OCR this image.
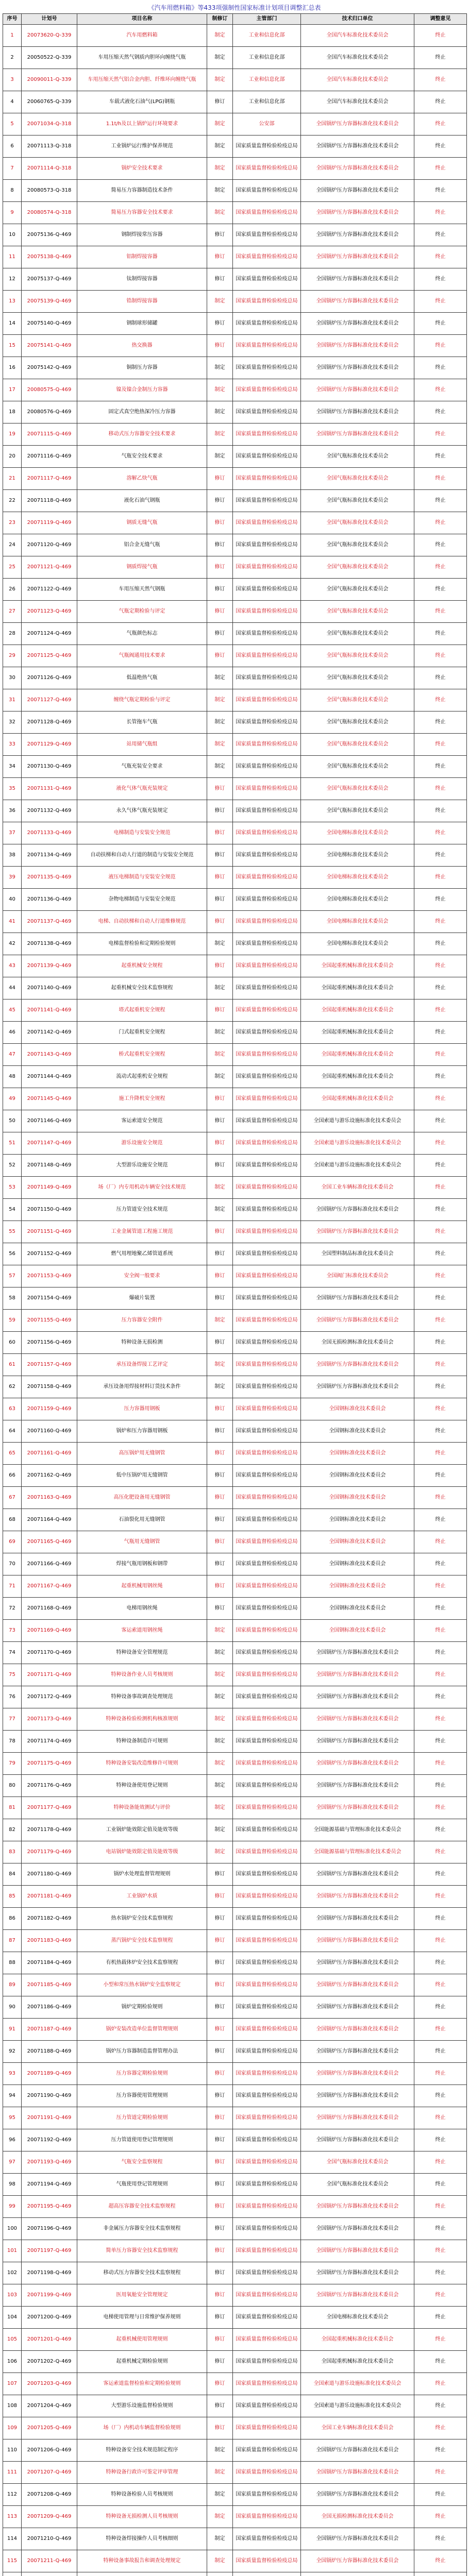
《汽车用燃料箱》等433项强制性国家标准计划项目调整汇总表
序号	计划号	项目名称	制修订	主管部门	技术归口单位	调整意见
1	20073620-Q-339	汽车用燃料箱	制定	工业和信息化部	全国汽车标准化技术委员会	终止
2	20050522-Q-339	车用压缩天然气钢质内胆环向缠绕气瓶	制定	工业和信息化部	全国汽车标准化技术委员会	终止
3	20090011-Q-339	车用压缩天然气铝合金内胆、纤维环向缠绕气瓶	制定	工业和信息化部	全国汽车标准化技术委员会	终止
4	20060765-Q-339	车载式液化石油气(LPG)钢瓶	修订	工业和信息化部	全国汽车标准化技术委员会	终止
5	20071034-Q-318	1.1t/h及以上锅炉运行环境要求	制定	公安部	全国锅炉压力容器标准化技术委员会	终止
6	20071113-Q-318	工业锅炉运行维护保养规范	制定	国家质量监督检验检疫总局	全国锅炉压力容器标准化技术委员会	终止
7	20071114-Q-318	锅炉安全技术要求	制定	国家质量监督检验检疫总局	全国锅炉压力容器标准化技术委员会	终止
8	20080573-Q-318	简易压力容器制造技术条件	制定	国家质量监督检验检疫总局	全国锅炉压力容器标准化技术委员会	终止
9	20080574-Q-318	简易压力容器安全技术要求	制定	国家质量监督检验检疫总局	全国锅炉压力容器标准化技术委员会	终止
10	20075136-Q-469	钢制焊接常压容器	修订	国家质量监督检验检疫总局	全国锅炉压力容器标准化技术委员会	终止
11	20075138-Q-469	铝制焊接容器	修订	国家质量监督检验检疫总局	全国锅炉压力容器标准化技术委员会	终止
12	20075137-Q-469	钛制焊接容器	修订	国家质量监督检验检疫总局	全国锅炉压力容器标准化技术委员会	终止
13	20075139-Q-469	锆制焊接容器	制定	国家质量监督检验检疫总局	全国锅炉压力容器标准化技术委员会	终止
14	20075140-Q-469	钢制球形储罐	修订	国家质量监督检验检疫总局	全国锅炉压力容器标准化技术委员会	终止
15	20075141-Q-469	热交换器	修订	国家质量监督检验检疫总局	全国锅炉压力容器标准化技术委员会	终止
16	20075142-Q-469	铜制压力容器	制定	国家质量监督检验检疫总局	全国锅炉压力容器标准化技术委员会	终止
17	20080575-Q-469	镍及镍合金制压力容器	制定	国家质量监督检验检疫总局	全国锅炉压力容器标准化技术委员会	终止
18	20080576-Q-469	固定式真空绝热深冷压力容器	制定	国家质量监督检验检疫总局	全国锅炉压力容器标准化技术委员会	终止
19	20071115-Q-469	移动式压力容器安全技术要求	制定	国家质量监督检验检疫总局	全国锅炉压力容器标准化技术委员会	终止
20	20071116-Q-469	气瓶安全技术要求	制定	国家质量监督检验检疫总局	全国气瓶标准化技术委员会	终止
21	20071117-Q-469	溶解乙炔气瓶	修订	国家质量监督检验检疫总局	全国气瓶标准化技术委员会	终止
22	20071118-Q-469	液化石油气钢瓶	修订	国家质量监督检验检疫总局	全国气瓶标准化技术委员会	终止
23	20071119-Q-469	钢质无缝气瓶	修订	国家质量监督检验检疫总局	全国气瓶标准化技术委员会	终止
24	20071120-Q-469	铝合金无缝气瓶	修订	国家质量监督检验检疫总局	全国气瓶标准化技术委员会	终止
25	20071121-Q-469	钢质焊接气瓶	修订	国家质量监督检验检疫总局	全国气瓶标准化技术委员会	终止
26	20071122-Q-469	车用压缩天然气钢瓶	修订	国家质量监督检验检疫总局	全国气瓶标准化技术委员会	终止
27	20071123-Q-469	气瓶定期检验与评定	修订	国家质量监督检验检疫总局	全国气瓶标准化技术委员会	终止
28	20071124-Q-469	气瓶颜色标志	修订	国家质量监督检验检疫总局	全国气瓶标准化技术委员会	终止
29	20071125-Q-469	气瓶阀通用技术要求	修订	国家质量监督检验检疫总局	全国气瓶标准化技术委员会	终止
30	20071126-Q-469	低温绝热气瓶	制定	国家质量监督检验检疫总局	全国气瓶标准化技术委员会	终止
31	20071127-Q-469	缠绕气瓶定期检验与评定	制定	国家质量监督检验检疫总局	全国气瓶标准化技术委员会	终止
32	20071128-Q-469	长管拖车气瓶	制定	国家质量监督检验检疫总局	全国气瓶标准化技术委员会	终止
33	20071129-Q-469	站用储气瓶组	制定	国家质量监督检验检疫总局	全国气瓶标准化技术委员会	终止
34	20071130-Q-469	气瓶充装安全要求	制定	国家质量监督检验检疫总局	全国气瓶标准化技术委员会	终止
35	20071131-Q-469	液化气体气瓶充装规定	修订	国家质量监督检验检疫总局	全国气瓶标准化技术委员会	终止
36	20071132-Q-469	永久气体气瓶充装规定	修订	国家质量监督检验检疫总局	全国气瓶标准化技术委员会	终止
37	20071133-Q-469	电梯制造与安装安全规范	修订	国家质量监督检验检疫总局	全国电梯标准化技术委员会	终止
38	20071134-Q-469	自动扶梯和自动人行道的制造与安装安全规范	修订	国家质量监督检验检疫总局	全国电梯标准化技术委员会	终止
39	20071135-Q-469	液压电梯制造与安装安全规范	修订	国家质量监督检验检疫总局	全国电梯标准化技术委员会	终止
40	20071136-Q-469	杂物电梯制造与安装安全规范	修订	国家质量监督检验检疫总局	全国电梯标准化技术委员会	终止
41	20071137-Q-469	电梯、自动扶梯和自动人行道维修规范	修订	国家质量监督检验检疫总局	全国电梯标准化技术委员会	终止
42	20071138-Q-469	电梯监督检验和定期检验规则	制定	国家质量监督检验检疫总局	全国电梯标准化技术委员会	终止
43	20071139-Q-469	起重机械安全规程	修订	国家质量监督检验检疫总局	全国起重机械标准化技术委员会	终止
44	20071140-Q-469	起重机械安全技术监察规程	制定	国家质量监督检验检疫总局	全国起重机械标准化技术委员会	终止
45	20071141-Q-469	塔式起重机安全规程	修订	国家质量监督检验检疫总局	全国起重机械标准化技术委员会	终止
46	20071142-Q-469	门式起重机安全规程	制定	国家质量监督检验检疫总局	全国起重机械标准化技术委员会	终止
47	20071143-Q-469	桥式起重机安全规程	制定	国家质量监督检验检疫总局	全国起重机械标准化技术委员会	终止
48	20071144-Q-469	流动式起重机安全规程	制定	国家质量监督检验检疫总局	全国起重机械标准化技术委员会	终止
49	20071145-Q-469	施工升降机安全规程	修订	国家质量监督检验检疫总局	全国起重机械标准化技术委员会	终止
50	20071146-Q-469	客运索道安全规范	修订	国家质量监督检验检疫总局	全国索道与游乐设施标准化技术委员会	终止
51	20071147-Q-469	游乐设施安全规范	修订	国家质量监督检验检疫总局	全国索道与游乐设施标准化技术委员会	终止
52	20071148-Q-469	大型游乐设施安全规范	修订	国家质量监督检验检疫总局	全国索道与游乐设施标准化技术委员会	终止
53	20071149-Q-469	场（厂）内专用机动车辆安全技术规范	制定	国家质量监督检验检疫总局	全国工业车辆标准化技术委员会	终止
54	20071150-Q-469	压力管道安全技术规范	制定	国家质量监督检验检疫总局	全国锅炉压力容器标准化技术委员会	终止
55	20071151-Q-469	工业金属管道工程施工规范	修订	国家质量监督检验检疫总局	全国锅炉压力容器标准化技术委员会	终止
56	20071152-Q-469	燃气用埋地聚乙烯管道系统	修订	国家质量监督检验检疫总局	全国塑料制品标准化技术委员会	终止
57	20071153-Q-469	安全阀一般要求	修订	国家质量监督检验检疫总局	全国阀门标准化技术委员会	终止
58	20071154-Q-469	爆破片装置	修订	国家质量监督检验检疫总局	全国锅炉压力容器标准化技术委员会	终止
59	20071155-Q-469	压力容器安全附件	制定	国家质量监督检验检疫总局	全国锅炉压力容器标准化技术委员会	终止
60	20071156-Q-469	特种设备无损检测	修订	国家质量监督检验检疫总局	全国无损检测标准化技术委员会	终止
61	20071157-Q-469	承压设备焊接工艺评定	制定	国家质量监督检验检疫总局	全国锅炉压力容器标准化技术委员会	终止
62	20071158-Q-469	承压设备用焊接材料订货技术条件	制定	国家质量监督检验检疫总局	全国锅炉压力容器标准化技术委员会	终止
63	20071159-Q-469	压力容器用钢板	修订	国家质量监督检验检疫总局	全国钢标准化技术委员会	终止
64	20071160-Q-469	锅炉和压力容器用钢板	修订	国家质量监督检验检疫总局	全国钢标准化技术委员会	终止
65	20071161-Q-469	高压锅炉用无缝钢管	修订	国家质量监督检验检疫总局	全国钢标准化技术委员会	终止
66	20071162-Q-469	低中压锅炉用无缝钢管	修订	国家质量监督检验检疫总局	全国钢标准化技术委员会	终止
67	20071163-Q-469	高压化肥设备用无缝钢管	修订	国家质量监督检验检疫总局	全国钢标准化技术委员会	终止
68	20071164-Q-469	石油裂化用无缝钢管	修订	国家质量监督检验检疫总局	全国钢标准化技术委员会	终止
69	20071165-Q-469	气瓶用无缝钢管	修订	国家质量监督检验检疫总局	全国钢标准化技术委员会	终止
70	20071166-Q-469	焊接气瓶用钢板和钢带	修订	国家质量监督检验检疫总局	全国钢标准化技术委员会	终止
71	20071167-Q-469	起重机械用钢丝绳	修订	国家质量监督检验检疫总局	全国钢标准化技术委员会	终止
72	20071168-Q-469	电梯用钢丝绳	修订	国家质量监督检验检疫总局	全国钢标准化技术委员会	终止
73	20071169-Q-469	客运索道用钢丝绳	制定	国家质量监督检验检疫总局	全国钢标准化技术委员会	终止
74	20071170-Q-469	特种设备安全管理规范	制定	国家质量监督检验检疫总局	全国锅炉压力容器标准化技术委员会	终止
75	20071171-Q-469	特种设备作业人员考核规则	制定	国家质量监督检验检疫总局	全国锅炉压力容器标准化技术委员会	终止
76	20071172-Q-469	特种设备事故调查处理规范	制定	国家质量监督检验检疫总局	全国锅炉压力容器标准化技术委员会	终止
77	20071173-Q-469	特种设备检验检测机构核准规则	制定	国家质量监督检验检疫总局	全国锅炉压力容器标准化技术委员会	终止
78	20071174-Q-469	特种设备制造许可规则	制定	国家质量监督检验检疫总局	全国锅炉压力容器标准化技术委员会	终止
79	20071175-Q-469	特种设备安装改造维修许可规则	制定	国家质量监督检验检疫总局	全国锅炉压力容器标准化技术委员会	终止
80	20071176-Q-469	特种设备使用登记规则	制定	国家质量监督检验检疫总局	全国锅炉压力容器标准化技术委员会	终止
81	20071177-Q-469	特种设备能效测试与评价	制定	国家质量监督检验检疫总局	全国锅炉压力容器标准化技术委员会	终止
82	20071178-Q-469	工业锅炉能效限定值及能效等级	制定	国家质量监督检验检疫总局	全国能源基础与管理标准化技术委员会	终止
83	20071179-Q-469	电站锅炉能效限定值及能效等级	制定	国家质量监督检验检疫总局	全国能源基础与管理标准化技术委员会	终止
84	20071180-Q-469	锅炉水处理监督管理规则	修订	国家质量监督检验检疫总局	全国锅炉压力容器标准化技术委员会	终止
85	20071181-Q-469	工业锅炉水质	修订	国家质量监督检验检疫总局	全国锅炉压力容器标准化技术委员会	终止
86	20071182-Q-469	热水锅炉安全技术监察规程	修订	国家质量监督检验检疫总局	全国锅炉压力容器标准化技术委员会	终止
87	20071183-Q-469	蒸汽锅炉安全技术监察规程	修订	国家质量监督检验检疫总局	全国锅炉压力容器标准化技术委员会	终止
88	20071184-Q-469	有机热载体炉安全技术监察规程	修订	国家质量监督检验检疫总局	全国锅炉压力容器标准化技术委员会	终止
89	20071185-Q-469	小型和常压热水锅炉安全监察规定	修订	国家质量监督检验检疫总局	全国锅炉压力容器标准化技术委员会	终止
90	20071186-Q-469	锅炉定期检验规则	修订	国家质量监督检验检疫总局	全国锅炉压力容器标准化技术委员会	终止
91	20071187-Q-469	锅炉安装改造单位监督管理规则	修订	国家质量监督检验检疫总局	全国锅炉压力容器标准化技术委员会	终止
92	20071188-Q-469	锅炉压力容器制造监督管理办法	修订	国家质量监督检验检疫总局	全国锅炉压力容器标准化技术委员会	终止
93	20071189-Q-469	压力容器定期检验规则	修订	国家质量监督检验检疫总局	全国锅炉压力容器标准化技术委员会	终止
94	20071190-Q-469	压力容器使用管理规则	修订	国家质量监督检验检疫总局	全国锅炉压力容器标准化技术委员会	终止
95	20071191-Q-469	压力管道定期检验规则	修订	国家质量监督检验检疫总局	全国锅炉压力容器标准化技术委员会	终止
96	20071192-Q-469	压力管道使用登记管理规则	修订	国家质量监督检验检疫总局	全国锅炉压力容器标准化技术委员会	终止
97	20071193-Q-469	气瓶安全监察规程	修订	国家质量监督检验检疫总局	全国气瓶标准化技术委员会	终止
98	20071194-Q-469	气瓶使用登记管理规则	修订	国家质量监督检验检疫总局	全国气瓶标准化技术委员会	终止
99	20071195-Q-469	超高压容器安全技术监察规程	修订	国家质量监督检验检疫总局	全国锅炉压力容器标准化技术委员会	终止
100	20071196-Q-469	非金属压力容器安全技术监察规程	修订	国家质量监督检验检疫总局	全国锅炉压力容器标准化技术委员会	终止
101	20071197-Q-469	简单压力容器安全技术监察规程	修订	国家质量监督检验检疫总局	全国锅炉压力容器标准化技术委员会	终止
102	20071198-Q-469	移动式压力容器安全技术监察规程	修订	国家质量监督检验检疫总局	全国锅炉压力容器标准化技术委员会	终止
103	20071199-Q-469	医用氧舱安全管理规定	修订	国家质量监督检验检疫总局	全国锅炉压力容器标准化技术委员会	终止
104	20071200-Q-469	电梯使用管理与日常维护保养规则	修订	国家质量监督检验检疫总局	全国电梯标准化技术委员会	终止
105	20071201-Q-469	起重机械使用管理规则	修订	国家质量监督检验检疫总局	全国起重机械标准化技术委员会	终止
106	20071202-Q-469	起重机械定期检验规则	修订	国家质量监督检验检疫总局	全国起重机械标准化技术委员会	终止
107	20071203-Q-469	客运索道监督检验和定期检验规则	修订	国家质量监督检验检疫总局	全国索道与游乐设施标准化技术委员会	终止
108	20071204-Q-469	大型游乐设施监督检验规则	修订	国家质量监督检验检疫总局	全国索道与游乐设施标准化技术委员会	终止
109	20071205-Q-469	场（厂）内机动车辆监督检验规则	修订	国家质量监督检验检疫总局	全国工业车辆标准化技术委员会	终止
110	20071206-Q-469	特种设备安全技术规范制定程序	制定	国家质量监督检验检疫总局	全国锅炉压力容器标准化技术委员会	终止
111	20071207-Q-469	特种设备行政许可鉴定评审管理	制定	国家质量监督检验检疫总局	全国锅炉压力容器标准化技术委员会	终止
112	20071208-Q-469	特种设备检验人员考核规则	制定	国家质量监督检验检疫总局	全国锅炉压力容器标准化技术委员会	终止
113	20071209-Q-469	特种设备无损检测人员考核规则	制定	国家质量监督检验检疫总局	全国无损检测标准化技术委员会	终止
114	20071210-Q-469	特种设备焊接操作人员考核细则	制定	国家质量监督检验检疫总局	全国锅炉压力容器标准化技术委员会	终止
115	20071211-Q-469	特种设备事故报告和调查处理规定	制定	国家质量监督检验检疫总局	全国锅炉压力容器标准化技术委员会	终止
